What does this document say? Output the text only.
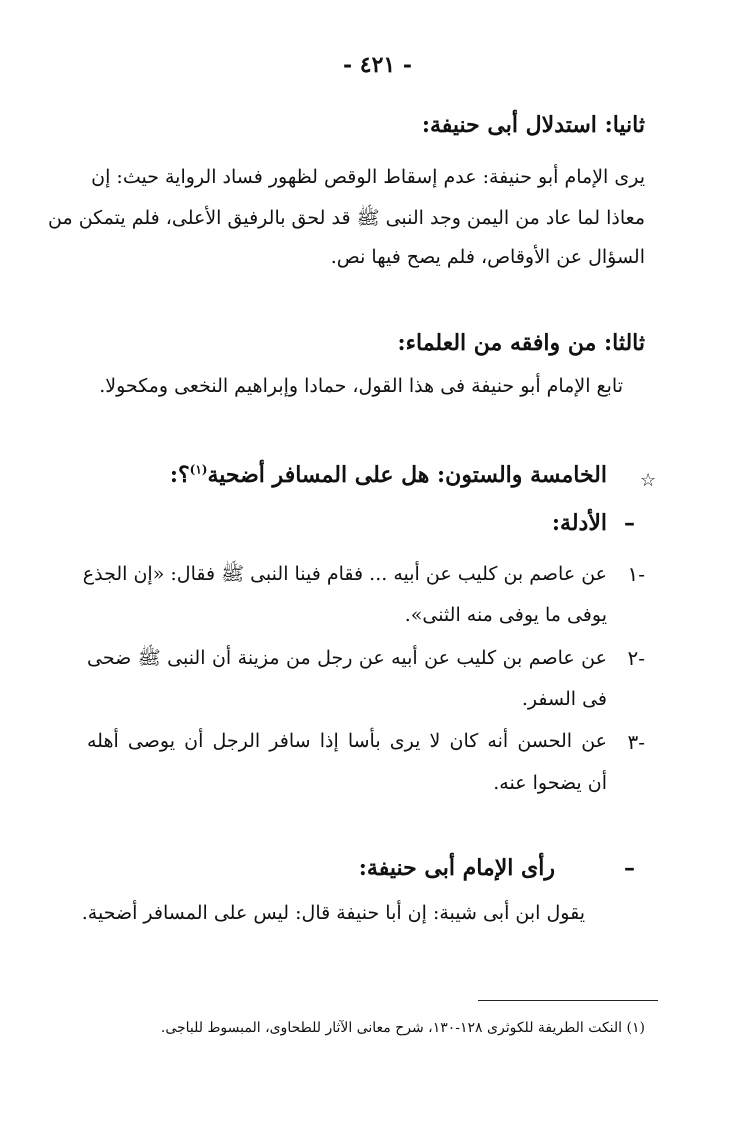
- ٤٢١ -
ثانيا: استدلال أبى حنيفة:
يرى الإمام أبو حنيفة: عدم إسقاط الوقص لظهور فساد الرواية حيث: إن
معاذا لما عاد من اليمن وجد النبى ﷺ قد لحق بالرفيق الأعلى، فلم يتمكن من
السؤال عن الأوقاص، فلم يصح فيها نص.
ثالثا: من وافقه من العلماء:
تابع الإمام أبو حنيفة فى هذا القول، حمادا وإبراهيم النخعى ومكحولا.
☆
الخامسة والستون: هل على المسافر أضحية$^{(١)}$؟:
–
الأدلة:
١-
عن عاصم بن كليب عن أبيه ... فقام فينا النبى ﷺ فقال: «إن الجذع
يوفى ما يوفى منه الثنى».
٢-
عن عاصم بن كليب عن أبيه عن رجل من مزينة أن النبى ﷺ ضحى
فى السفر.
٣-
عن الحسن أنه كان لا يرى بأسا إذا سافر الرجل أن يوصى أهله
أن يضحوا عنه.
–
رأى الإمام أبى حنيفة:
يقول ابن أبى شيبة: إن أبا حنيفة قال: ليس على المسافر أضحية.
(١) النكت الطريفة للكوثرى ١٢٨-١٣٠، شرح معانى الآثار للطحاوى، المبسوط للباجى.
